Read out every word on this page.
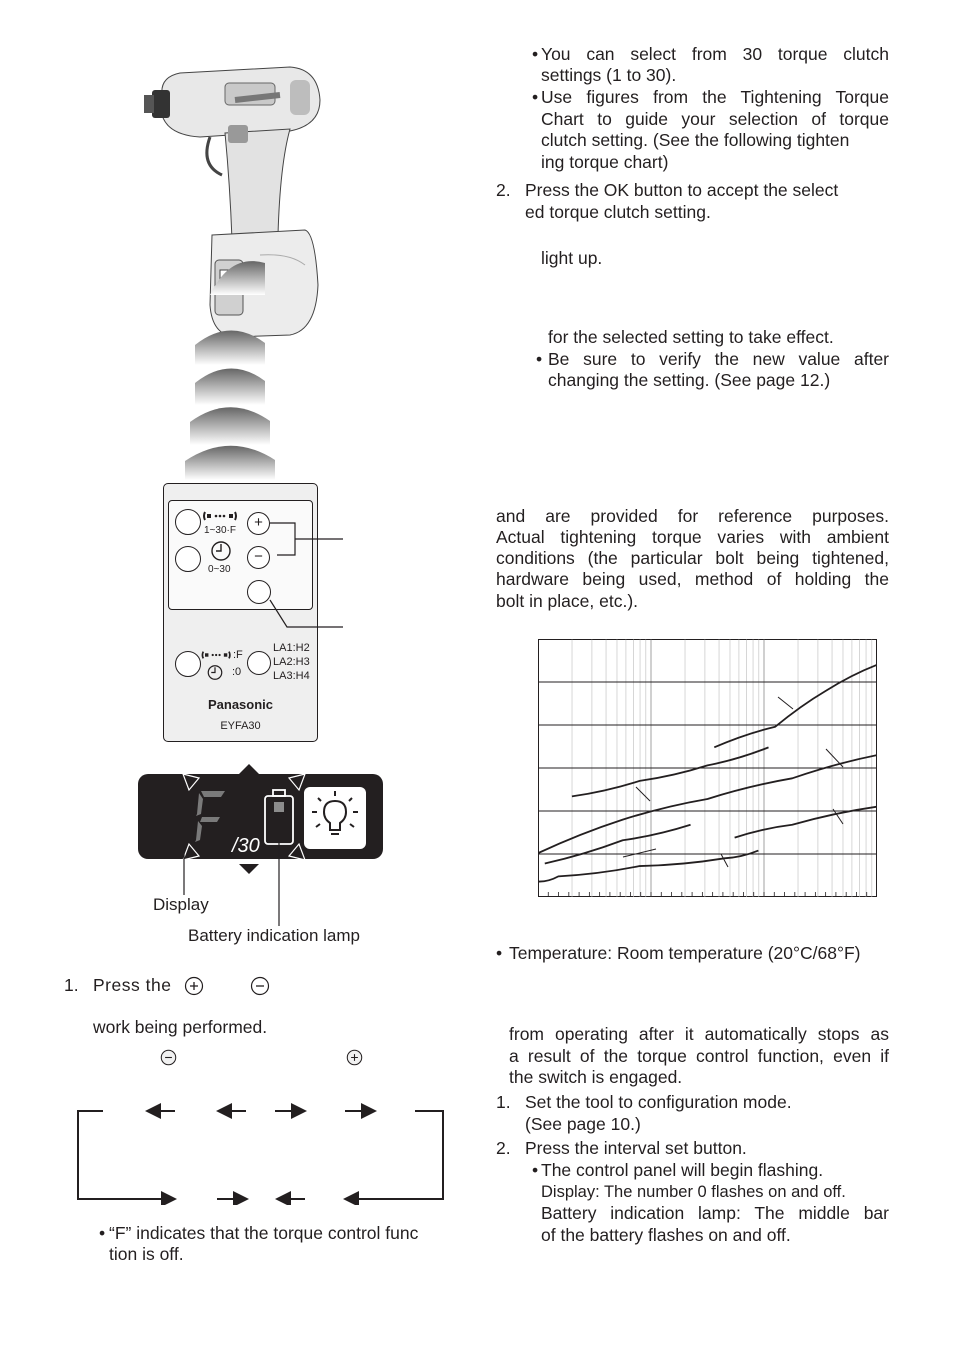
1~30·F	+
0~30
−
:F
:0
LA1:H2
LA2:H3
LA3:H4
Panasonic
EYFA30
/30
Display
Battery indication lamp
1. Press the
work being performed.
• “F” indicates that the torque control func
tion is off.
• You can select from 30 torque clutch
settings (1 to 30).
• Use figures from the Tightening Torque
Chart to guide your selection of torque
clutch setting. (See the following tighten
ing torque chart)
2. Press the OK button to accept the select
ed torque clutch setting.
light up.
for the selected setting to take effect.
• Be sure to verify the new value after
changing the setting. (See page 12.)
and are provided for reference purposes.
Actual tightening torque varies with ambient
conditions (the particular bolt being tightened,
hardware being used, method of holding the
bolt in place, etc.).
• Temperature: Room temperature (20°C/68°F)
from operating after it automatically stops as
a result of the torque control function, even if
the switch is engaged.
1. Set the tool to configuration mode.
(See page 10.)
2. Press the interval set button.
• The control panel will begin flashing.
Display: The number 0 flashes on and off.
Battery indication lamp: The middle bar
of the battery flashes on and off.
